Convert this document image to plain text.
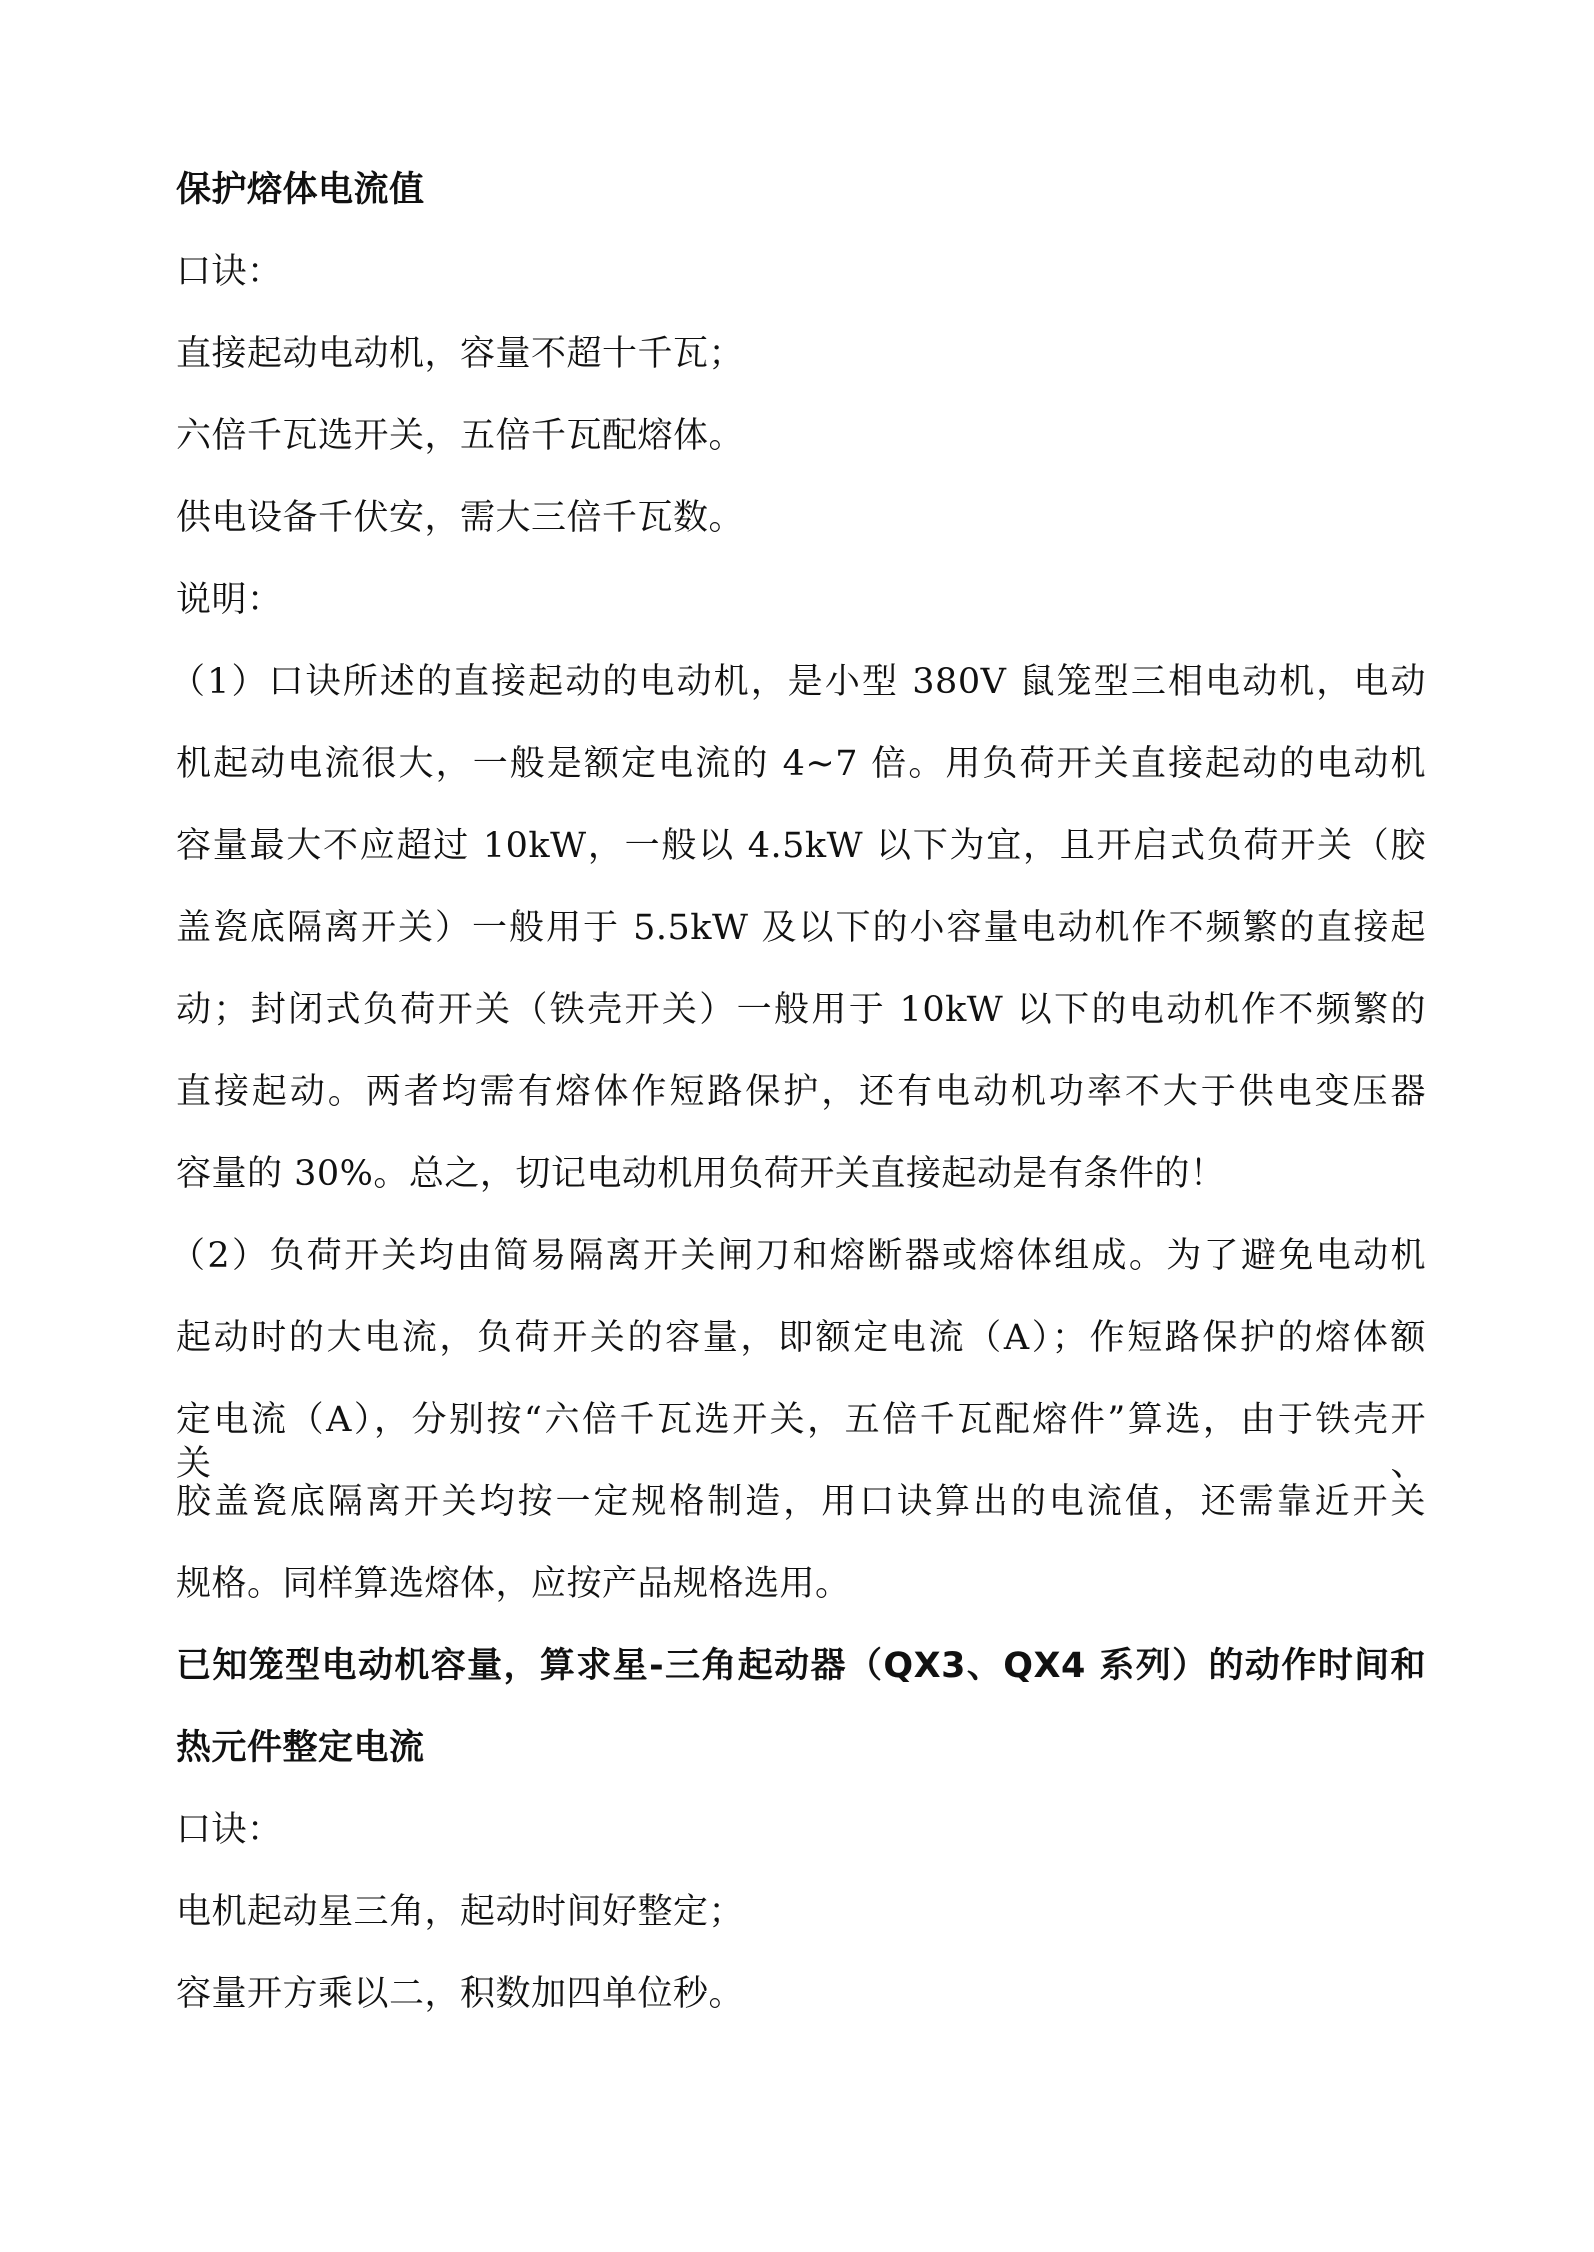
保护熔体电流值
口诀：
直接起动电动机，容量不超十千瓦；
六倍千瓦选开关，五倍千瓦配熔体。
供电设备千伏安，需大三倍千瓦数。
说明：
（1）口诀所述的直接起动的电动机，是小型 380V 鼠笼型三相电动机，电动
机起动电流很大，一般是额定电流的 4~7 倍。用负荷开关直接起动的电动机
容量最大不应超过 10kW，一般以 4.5kW 以下为宜，且开启式负荷开关（胶
盖瓷底隔离开关）一般用于 5.5kW 及以下的小容量电动机作不频繁的直接起
动；封闭式负荷开关（铁壳开关）一般用于 10kW 以下的电动机作不频繁的
直接起动。两者均需有熔体作短路保护，还有电动机功率不大于供电变压器
容量的 30%。总之，切记电动机用负荷开关直接起动是有条件的！
（2）负荷开关均由简易隔离开关闸刀和熔断器或熔体组成。为了避免电动机
起动时的大电流，负荷开关的容量，即额定电流（A）；作短路保护的熔体额
定电流（A），分别按“六倍千瓦选开关，五倍千瓦配熔件”算选，由于铁壳开关、
胶盖瓷底隔离开关均按一定规格制造，用口诀算出的电流值，还需靠近开关
规格。同样算选熔体，应按产品规格选用。
已知笼型电动机容量，算求星-三角起动器（QX3、QX4 系列）的动作时间和
热元件整定电流
口诀：
电机起动星三角，起动时间好整定；
容量开方乘以二，积数加四单位秒。
